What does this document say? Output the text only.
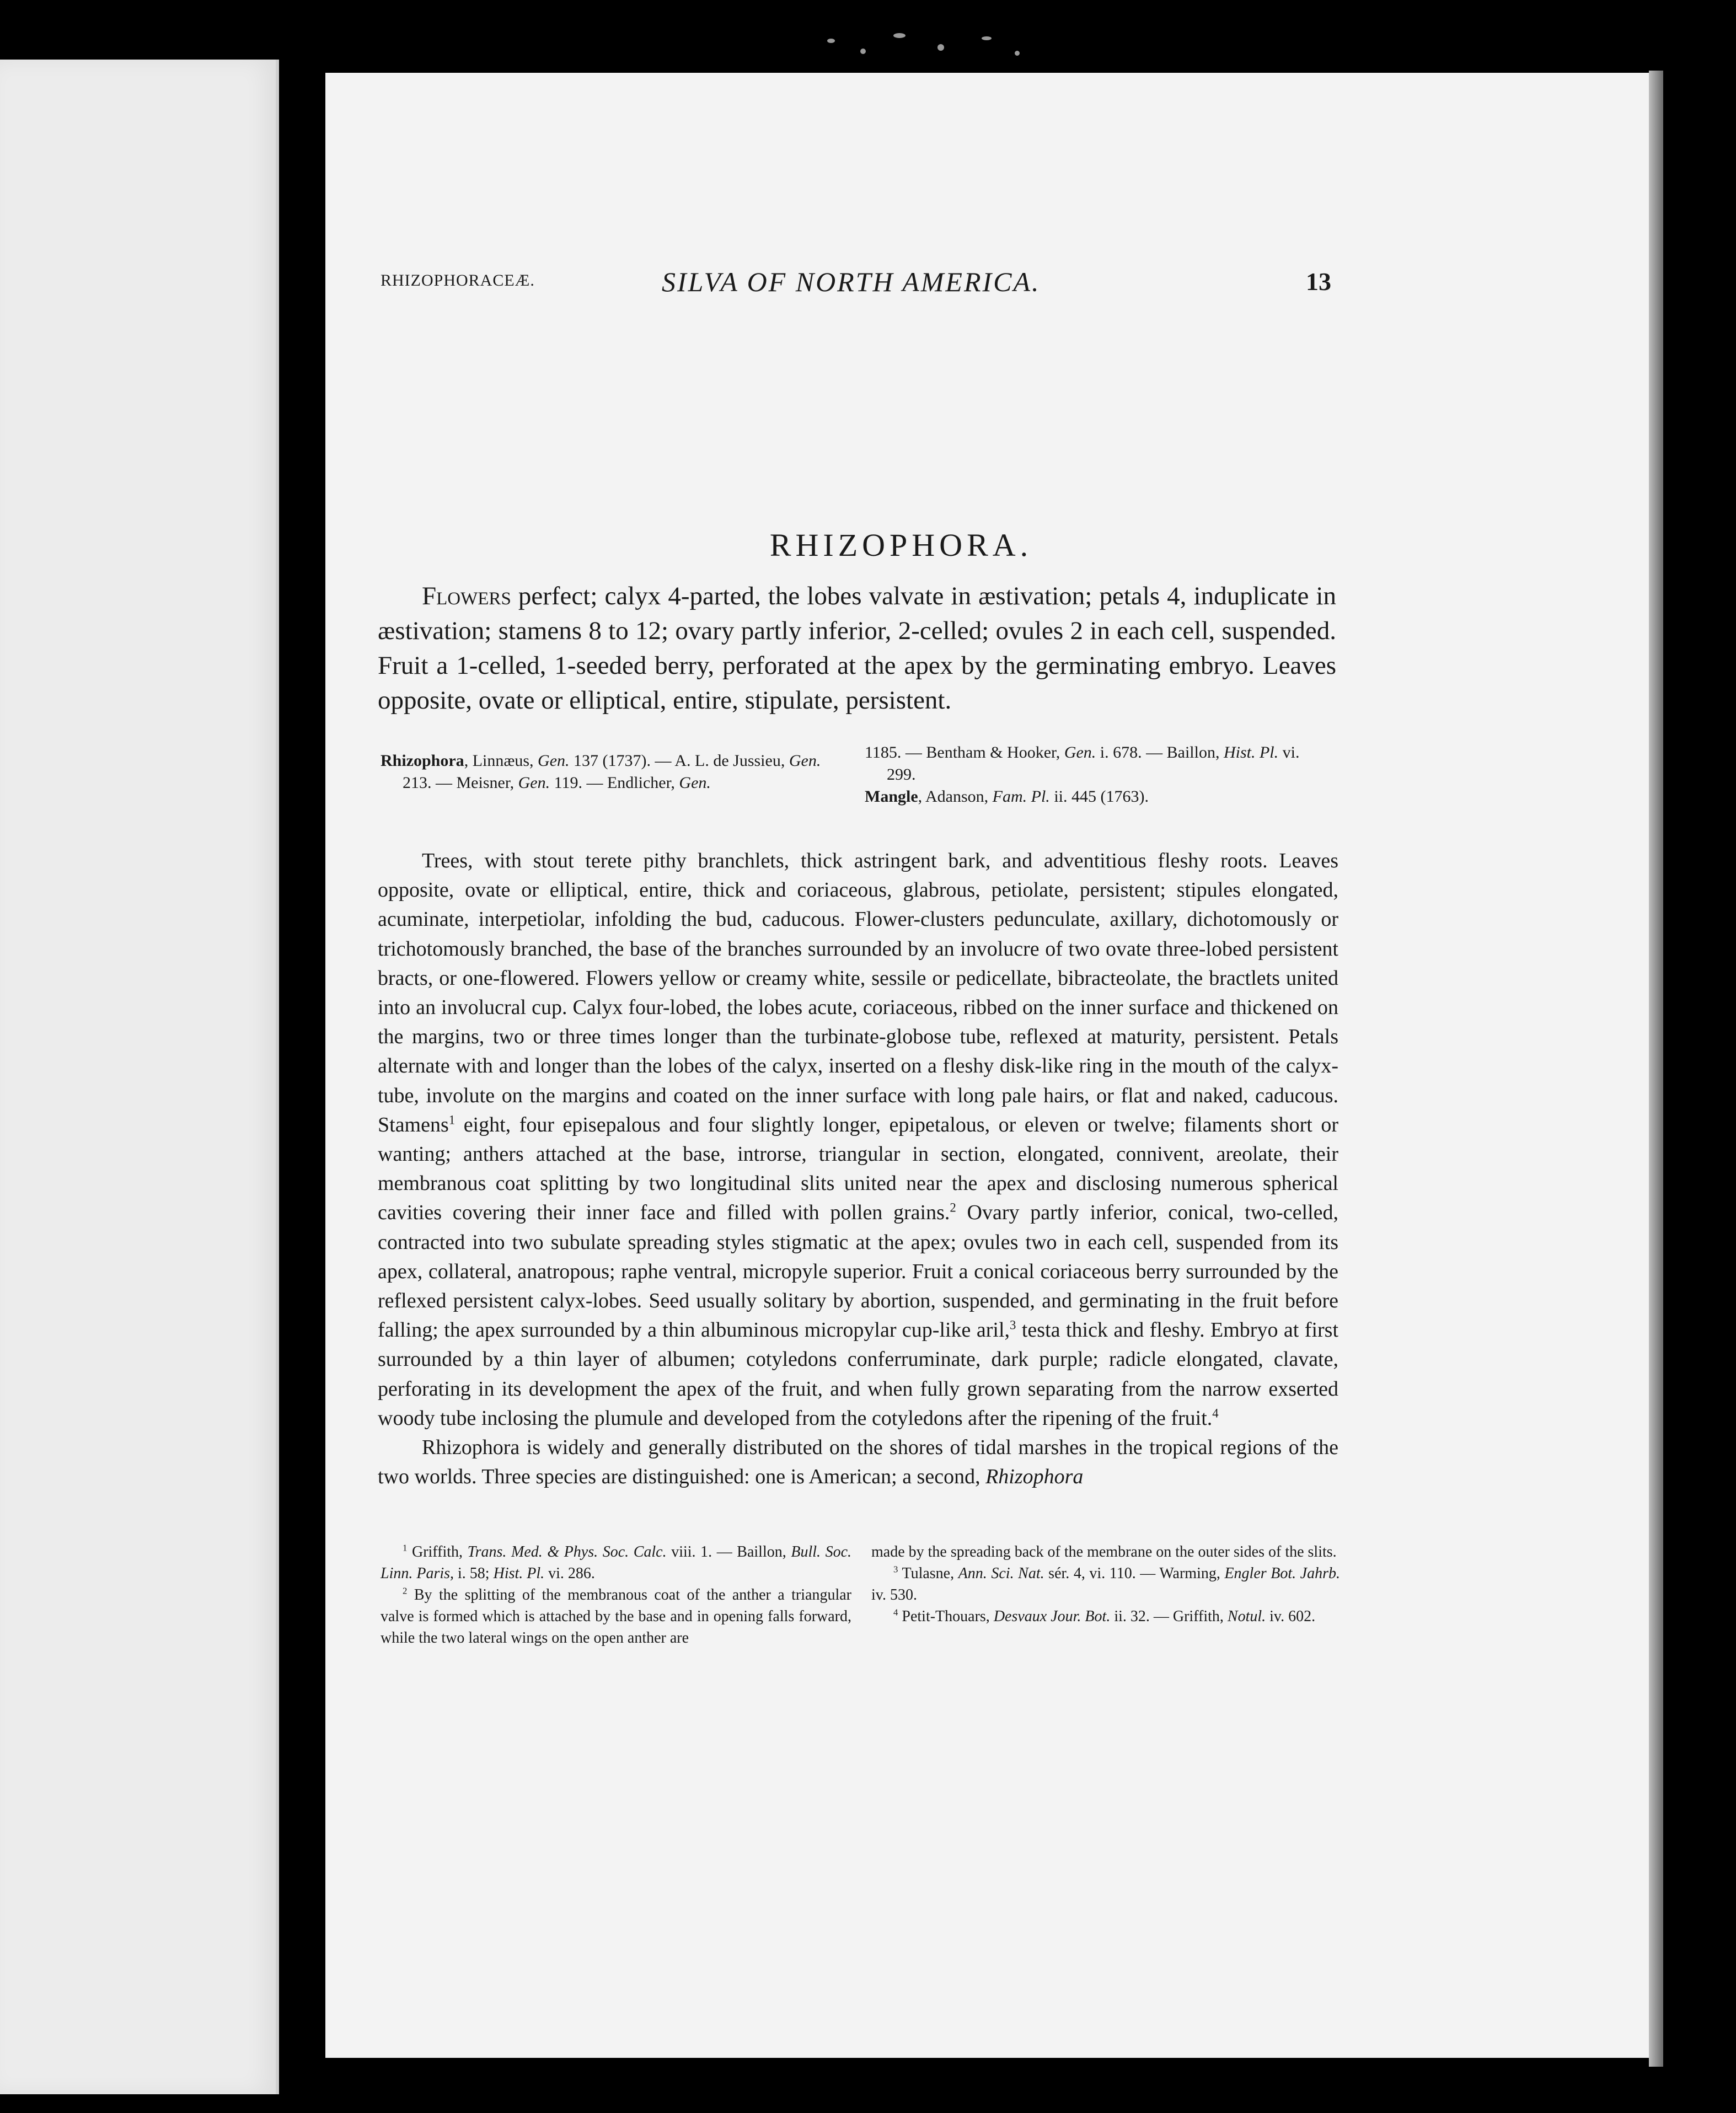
RHIZOPHORACEÆ.	SILVA OF NORTH AMERICA.	13
RHIZOPHORA.
Flowers perfect; calyx 4-parted, the lobes valvate in æstivation; petals 4, induplicate in æstivation; stamens 8 to 12; ovary partly inferior, 2-celled; ovules 2 in each cell, suspended. Fruit a 1-celled, 1-seeded berry, perforated at the apex by the germinating embryo. Leaves opposite, ovate or elliptical, entire, stipulate, persistent.

Rhizophora, Linnæus, Gen. 137 (1737). — A. L. de Jussieu, Gen. 213. — Meisner, Gen. 119. — Endlicher, Gen.

1185. — Bentham & Hooker, Gen. i. 678. — Baillon, Hist. Pl. vi. 299.

Mangle, Adanson, Fam. Pl. ii. 445 (1763).

Trees, with stout terete pithy branchlets, thick astringent bark, and adventitious fleshy roots. Leaves opposite, ovate or elliptical, entire, thick and coriaceous, glabrous, petiolate, persistent; stipules elongated, acuminate, interpetiolar, infolding the bud, caducous. Flower-clusters pedunculate, axillary, dichotomously or trichotomously branched, the base of the branches surrounded by an involucre of two ovate three-lobed persistent bracts, or one-flowered. Flowers yellow or creamy white, sessile or pedicellate, bibracteolate, the bractlets united into an involucral cup. Calyx four-lobed, the lobes acute, coriaceous, ribbed on the inner surface and thickened on the margins, two or three times longer than the turbinate-globose tube, reflexed at maturity, persistent. Petals alternate with and longer than the lobes of the calyx, inserted on a fleshy disk-like ring in the mouth of the calyx-tube, involute on the margins and coated on the inner surface with long pale hairs, or flat and naked, caducous. Stamens$^1$ eight, four episepalous and four slightly longer, epipetalous, or eleven or twelve; filaments short or wanting; anthers attached at the base, introrse, triangular in section, elongated, connivent, areolate, their membranous coat splitting by two longitudinal slits united near the apex and disclosing numerous spherical cavities covering their inner face and filled with pollen grains.$^2$ Ovary partly inferior, conical, two-celled, contracted into two subulate spreading styles stigmatic at the apex; ovules two in each cell, suspended from its apex, collateral, anatropous; raphe ventral, micropyle superior. Fruit a conical coriaceous berry surrounded by the reflexed persistent calyx-lobes. Seed usually solitary by abortion, suspended, and germinating in the fruit before falling; the apex surrounded by a thin albuminous micropylar cup-like aril,$^3$ testa thick and fleshy. Embryo at first surrounded by a thin layer of albumen; cotyledons conferruminate, dark purple; radicle elongated, clavate, perforating in its development the apex of the fruit, and when fully grown separating from the narrow exserted woody tube inclosing the plumule and developed from the cotyledons after the ripening of the fruit.$^4$

Rhizophora is widely and generally distributed on the shores of tidal marshes in the tropical regions of the two worlds. Three species are distinguished: one is American; a second, Rhizophora

$^1$ Griffith, Trans. Med. & Phys. Soc. Calc. viii. 1. — Baillon, Bull. Soc. Linn. Paris, i. 58; Hist. Pl. vi. 286.

$^2$ By the splitting of the membranous coat of the anther a triangular valve is formed which is attached by the base and in opening falls forward, while the two lateral wings on the open anther are

made by the spreading back of the membrane on the outer sides of the slits.

$^3$ Tulasne, Ann. Sci. Nat. sér. 4, vi. 110. — Warming, Engler Bot. Jahrb. iv. 530.

$^4$ Petit-Thouars, Desvaux Jour. Bot. ii. 32. — Griffith, Notul. iv. 602.
